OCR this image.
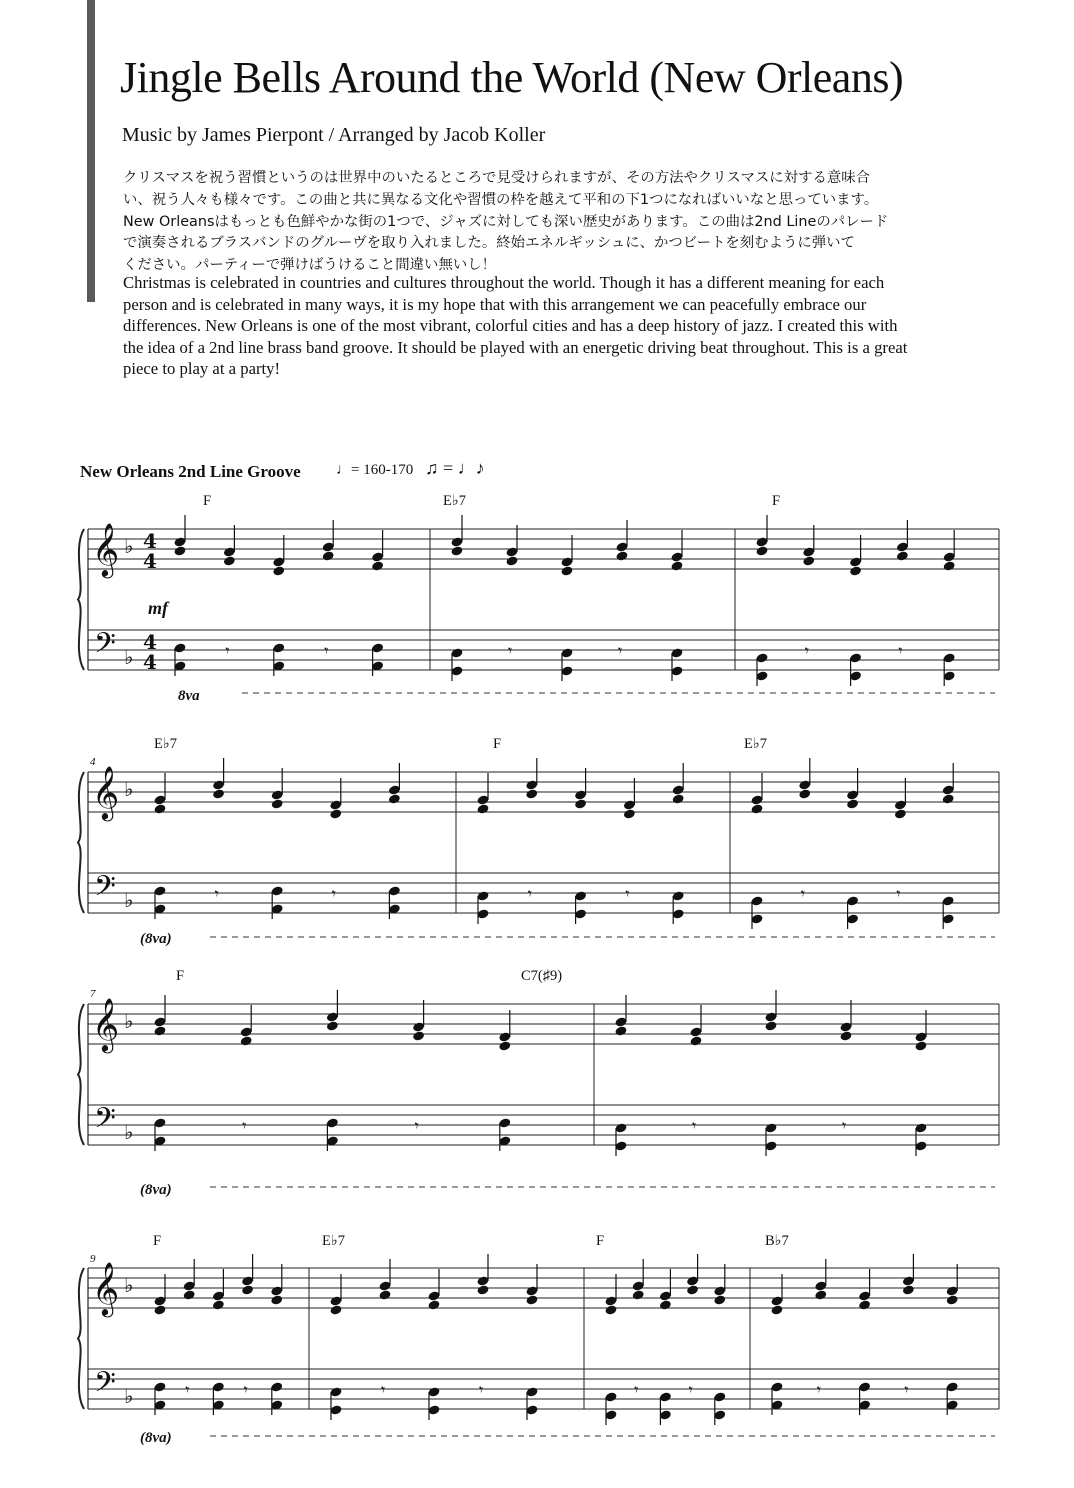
Jingle Bells Around the World (New Orleans)
Music by James Pierpont / Arranged by Jacob Koller
クリスマスを祝う習慣というのは世界中のいたるところで見受けられますが、その方法やクリスマスに対する意味合
い、祝う人々も様々です。この曲と共に異なる文化や習慣の枠を越えて平和の下1つになればいいなと思っています。
New Orleansはもっとも色鮮やかな街の1つで、ジャズに対しても深い歴史があります。この曲は2nd Lineのパレード
で演奏されるブラスバンドのグルーヴを取り入れました。終始エネルギッシュに、かつビートを刻むように弾いて
ください。パーティーで弾けばうけること間違い無いし！
Christmas is celebrated in countries and cultures throughout the world. Though it has a different meaning for each
person and is celebrated in many ways, it is my hope that with this arrangement we can peacefully embrace our
differences. New Orleans is one of the most vibrant, colorful cities and has a deep history of jazz. I created this with
the idea of a 2nd line brass band groove. It should be played with an energetic driving beat throughout. This is a great
piece to play at a party!
New Orleans 2nd Line Groove ♩= 160-170 ♫ = ♩♪
F	E♭7	F
E♭7	F	E♭7
F	C7(♯9)
F	E♭7	F	B♭7
4
7
9
8va
(8va)
(8va)
(8va)
mf
𝄞
𝄢
♭
♭
4
4
4
4	𝄾	𝄾	𝄾	𝄾	𝄾	𝄾
𝄞
𝄢
♭
♭	𝄾	𝄾	𝄾	𝄾	𝄾	𝄾
𝄞
𝄢
♭
♭	𝄾	𝄾	𝄾	𝄾
𝄞
𝄢
♭
♭	𝄾	𝄾	𝄾	𝄾	𝄾	𝄾	𝄾	𝄾
